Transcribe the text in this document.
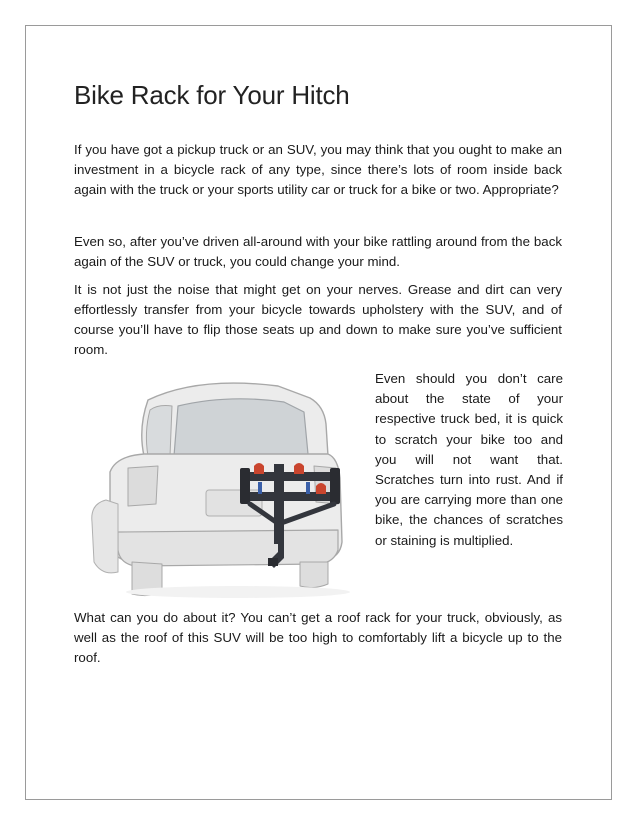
Bike Rack for Your Hitch

If you have got a pickup truck or an SUV, you may think that you ought to make an investment in a bicycle rack of any type, since there’s lots of room inside back again with the truck or your sports utility car or truck for a bike or two. Appropriate?

Even so, after you’ve driven all-around with your bike rattling around from the back again of the SUV or truck, you could change your mind.

It is not just the noise that might get on your nerves. Grease and dirt can very effortlessly transfer from your bicycle towards upholstery with the SUV, and of course you’ll have to flip those seats up and down to make sure you’ve sufficient room.

Even should you don’t care about the state of your respective truck bed, it is quick to scratch your bike too and you will not want that. Scratches turn into rust. And if you are carrying more than one bike, the chances of scratches or staining is multiplied.

What can you do about it? You can’t get a roof rack for your truck, obviously, as well as the roof of this SUV will be too high to comfortably lift a bicycle up to the roof.
